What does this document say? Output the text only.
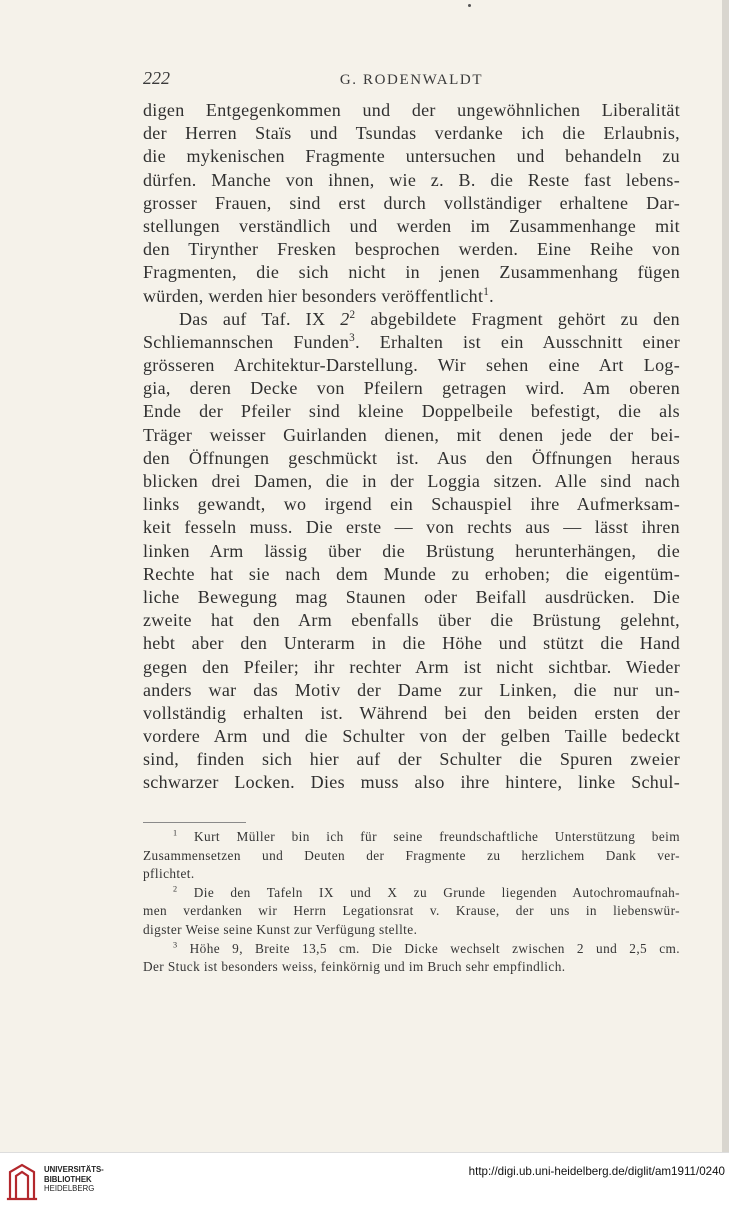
222	G. RODENWALDT
digen Entgegenkommen und der ungewöhnlichen Liberalität
der Herren Staïs und Tsundas verdanke ich die Erlaubnis,
die mykenischen Fragmente untersuchen und behandeln zu
dürfen. Manche von ihnen, wie z. B. die Reste fast lebens-
grosser Frauen, sind erst durch vollständiger erhaltene Dar-
stellungen verständlich und werden im Zusammenhange mit
den Tirynther Fresken besprochen werden. Eine Reihe von
Fragmenten, die sich nicht in jenen Zusammenhang fügen
würden, werden hier besonders veröffentlicht$^1$.
Das auf Taf. IX $2^2$ abgebildete Fragment gehört zu den
Schliemannschen Funden$^3$. Erhalten ist ein Ausschnitt einer
grösseren Architektur-Darstellung. Wir sehen eine Art Log-
gia, deren Decke von Pfeilern getragen wird. Am oberen
Ende der Pfeiler sind kleine Doppelbeile befestigt, die als
Träger weisser Guirlanden dienen, mit denen jede der bei-
den Öffnungen geschmückt ist. Aus den Öffnungen heraus
blicken drei Damen, die in der Loggia sitzen. Alle sind nach
links gewandt, wo irgend ein Schauspiel ihre Aufmerksam-
keit fesseln muss. Die erste — von rechts aus — lässt ihren
linken Arm lässig über die Brüstung herunterhängen, die
Rechte hat sie nach dem Munde zu erhoben; die eigentüm-
liche Bewegung mag Staunen oder Beifall ausdrücken. Die
zweite hat den Arm ebenfalls über die Brüstung gelehnt,
hebt aber den Unterarm in die Höhe und stützt die Hand
gegen den Pfeiler; ihr rechter Arm ist nicht sichtbar. Wieder
anders war das Motiv der Dame zur Linken, die nur un-
vollständig erhalten ist. Während bei den beiden ersten der
vordere Arm und die Schulter von der gelben Taille bedeckt
sind, finden sich hier auf der Schulter die Spuren zweier
schwarzer Locken. Dies muss also ihre hintere, linke Schul-
$^1$ Kurt Müller bin ich für seine freundschaftliche Unterstützung beim
Zusammensetzen und Deuten der Fragmente zu herzlichem Dank ver-
pflichtet.
$^2$ Die den Tafeln IX und X zu Grunde liegenden Autochromaufnah-
men verdanken wir Herrn Legationsrat v. Krause, der uns in liebenswür-
digster Weise seine Kunst zur Verfügung stellte.
$^3$ Höhe 9, Breite 13,5 cm. Die Dicke wechselt zwischen 2 und 2,5 cm.
Der Stuck ist besonders weiss, feinkörnig und im Bruch sehr empfindlich.
UNIVERSITÄTS-
BIBLIOTHEK
HEIDELBERG
http://digi.ub.uni-heidelberg.de/diglit/am1911/0240
